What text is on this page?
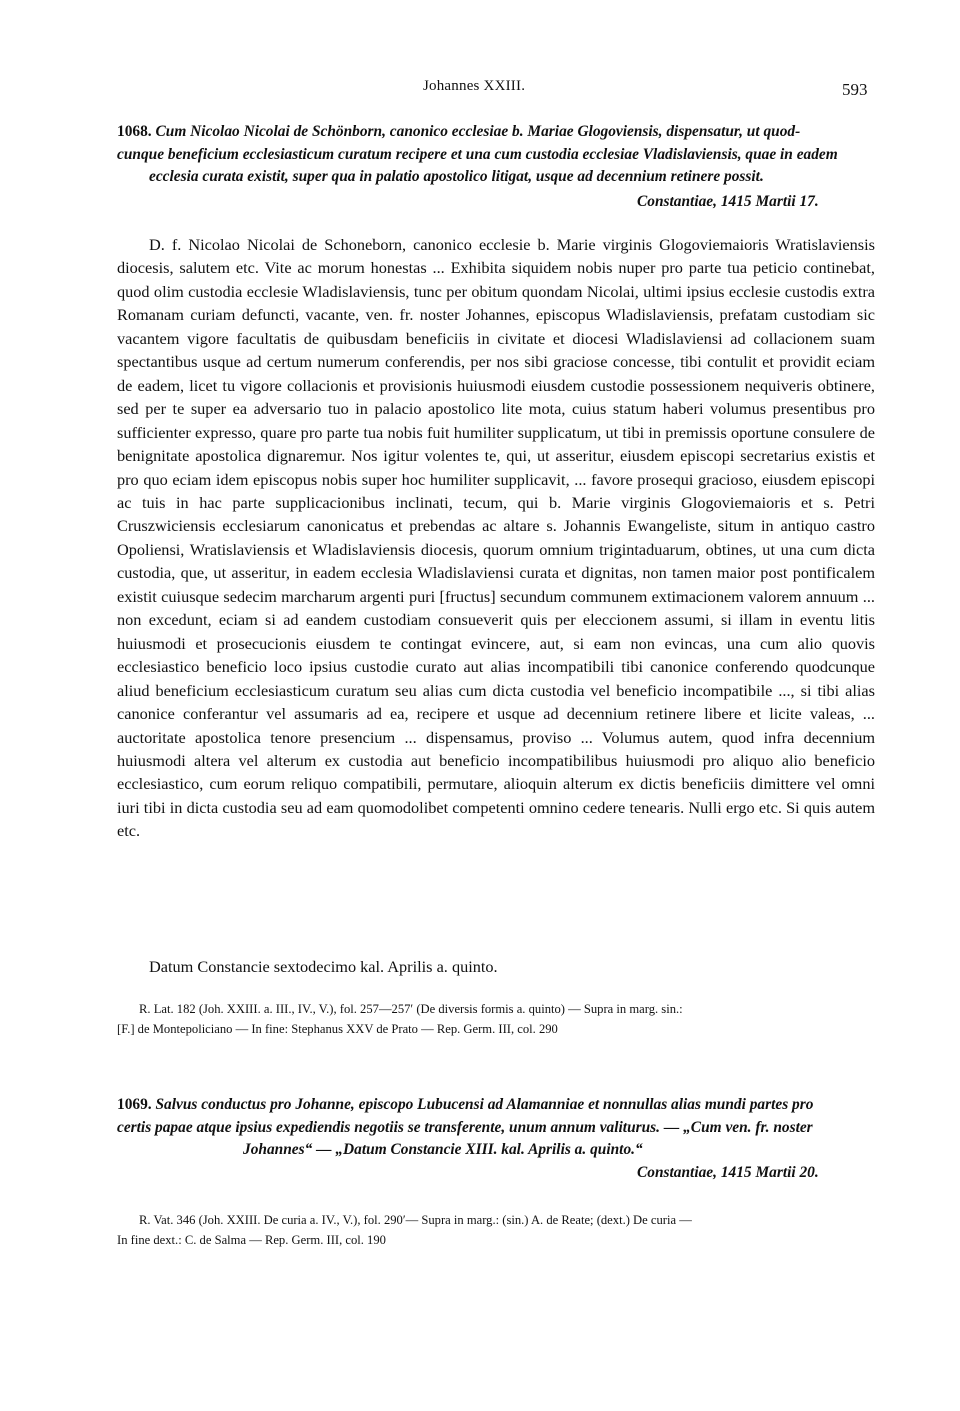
Johannes XXIII.	593
1068. Cum Nicolao Nicolai de Schönborn, canonico ecclesiae b. Mariae Glogoviensis, dispensatur, ut quod-
cunque beneficium ecclesiasticum curatum recipere et una cum custodia ecclesiae Vladislaviensis, quae in eadem

ecclesia curata existit, super qua in palatio apostolico litigat, usque ad decennium retinere possit.
Constantiae, 1415 Martii 17.

D. f. Nicolao Nicolai de Schoneborn, canonico ecclesie b. Marie virginis Glogoviemaioris Wratislaviensis diocesis, salutem etc. Vite ac morum honestas ... Exhibita siquidem nobis nuper pro parte tua peticio continebat, quod olim custodia ecclesie Wladislaviensis, tunc per obitum quondam Nicolai, ultimi ipsius ecclesie custodis extra Romanam curiam defuncti, vacante, ven. fr. noster Johannes, episcopus Wladislaviensis, prefatam custodiam sic vacantem vigore facultatis de quibusdam beneficiis in civitate et diocesi Wladislaviensi ad collacionem suam spectantibus usque ad certum numerum conferendis, per nos sibi graciose concesse, tibi contulit et providit eciam de eadem, licet tu vigore collacionis et provisionis huiusmodi eiusdem custodie possessionem nequiveris obtinere, sed per te super ea adversario tuo in palacio apostolico lite mota, cuius statum haberi volumus presentibus pro sufficienter expresso, quare pro parte tua nobis fuit humiliter supplicatum, ut tibi in premissis oportune consulere de benignitate apostolica dignaremur. Nos igitur volentes te, qui, ut asseritur, eiusdem episcopi secretarius existis et pro quo eciam idem episcopus nobis super hoc humiliter supplicavit, ... favore prosequi gracioso, eiusdem episcopi ac tuis in hac parte supplicacionibus inclinati, tecum, qui b. Marie virginis Glogoviemaioris et s. Petri Cruszwiciensis ecclesiarum canonicatus et prebendas ac altare s. Johannis Ewangeliste, situm in antiquo castro Opoliensi, Wratislaviensis et Wladislaviensis diocesis, quorum omnium trigintaduarum, obtines, ut una cum dicta custodia, que, ut asseritur, in eadem ecclesia Wladislaviensi curata et dignitas, non tamen maior post pontificalem existit cuiusque sedecim marcharum argenti puri [fructus] secundum communem extimacionem valorem annuum ... non excedunt, eciam si ad eandem custodiam consueverit quis per eleccionem assumi, si illam in eventu litis huiusmodi et prosecucionis eiusdem te contingat evincere, aut, si eam non evincas, una cum alio quovis ecclesiastico beneficio loco ipsius custodie curato aut alias incompatibili tibi canonice conferendo quodcunque aliud beneficium ecclesiasticum curatum seu alias cum dicta custodia vel beneficio incompatibile ..., si tibi alias canonice conferantur vel assumaris ad ea, recipere et usque ad decennium retinere libere et licite valeas, ... auctoritate apostolica tenore presencium ... dispensamus, proviso ... Volumus autem, quod infra decennium huiusmodi altera vel alterum ex custodia aut beneficio incompatibilibus huiusmodi pro aliquo alio beneficio ecclesiastico, cum eorum reliquo compatibili, permutare, alioquin alterum ex dictis beneficiis dimittere vel omni iuri tibi in dicta custodia seu ad eam quomodolibet competenti omnino cedere tenearis. Nulli ergo etc. Si quis autem etc.

Datum Constancie sextodecimo kal. Aprilis a. quinto.
R. Lat. 182 (Joh. XXIII. a. III., IV., V.), fol. 257—257′ (De diversis formis a. quinto) — Supra in marg. sin.:
[F.] de Montepoliciano — In fine: Stephanus XXV de Prato — Rep. Germ. III, col. 290
1069. Salvus conductus pro Johanne, episcopo Lubucensi ad Alamanniae et nonnullas alias mundi partes pro
certis papae atque ipsius expediendis negotiis se transferente, unum annum valiturus. — „Cum ven. fr. noster

Johannes“ — „Datum Constancie XIII. kal. Aprilis a. quinto.“
Constantiae, 1415 Martii 20.
R. Vat. 346 (Joh. XXIII. De curia a. IV., V.), fol. 290′— Supra in marg.: (sin.) A. de Reate; (dext.) De curia —
In fine dext.: C. de Salma — Rep. Germ. III, col. 190
